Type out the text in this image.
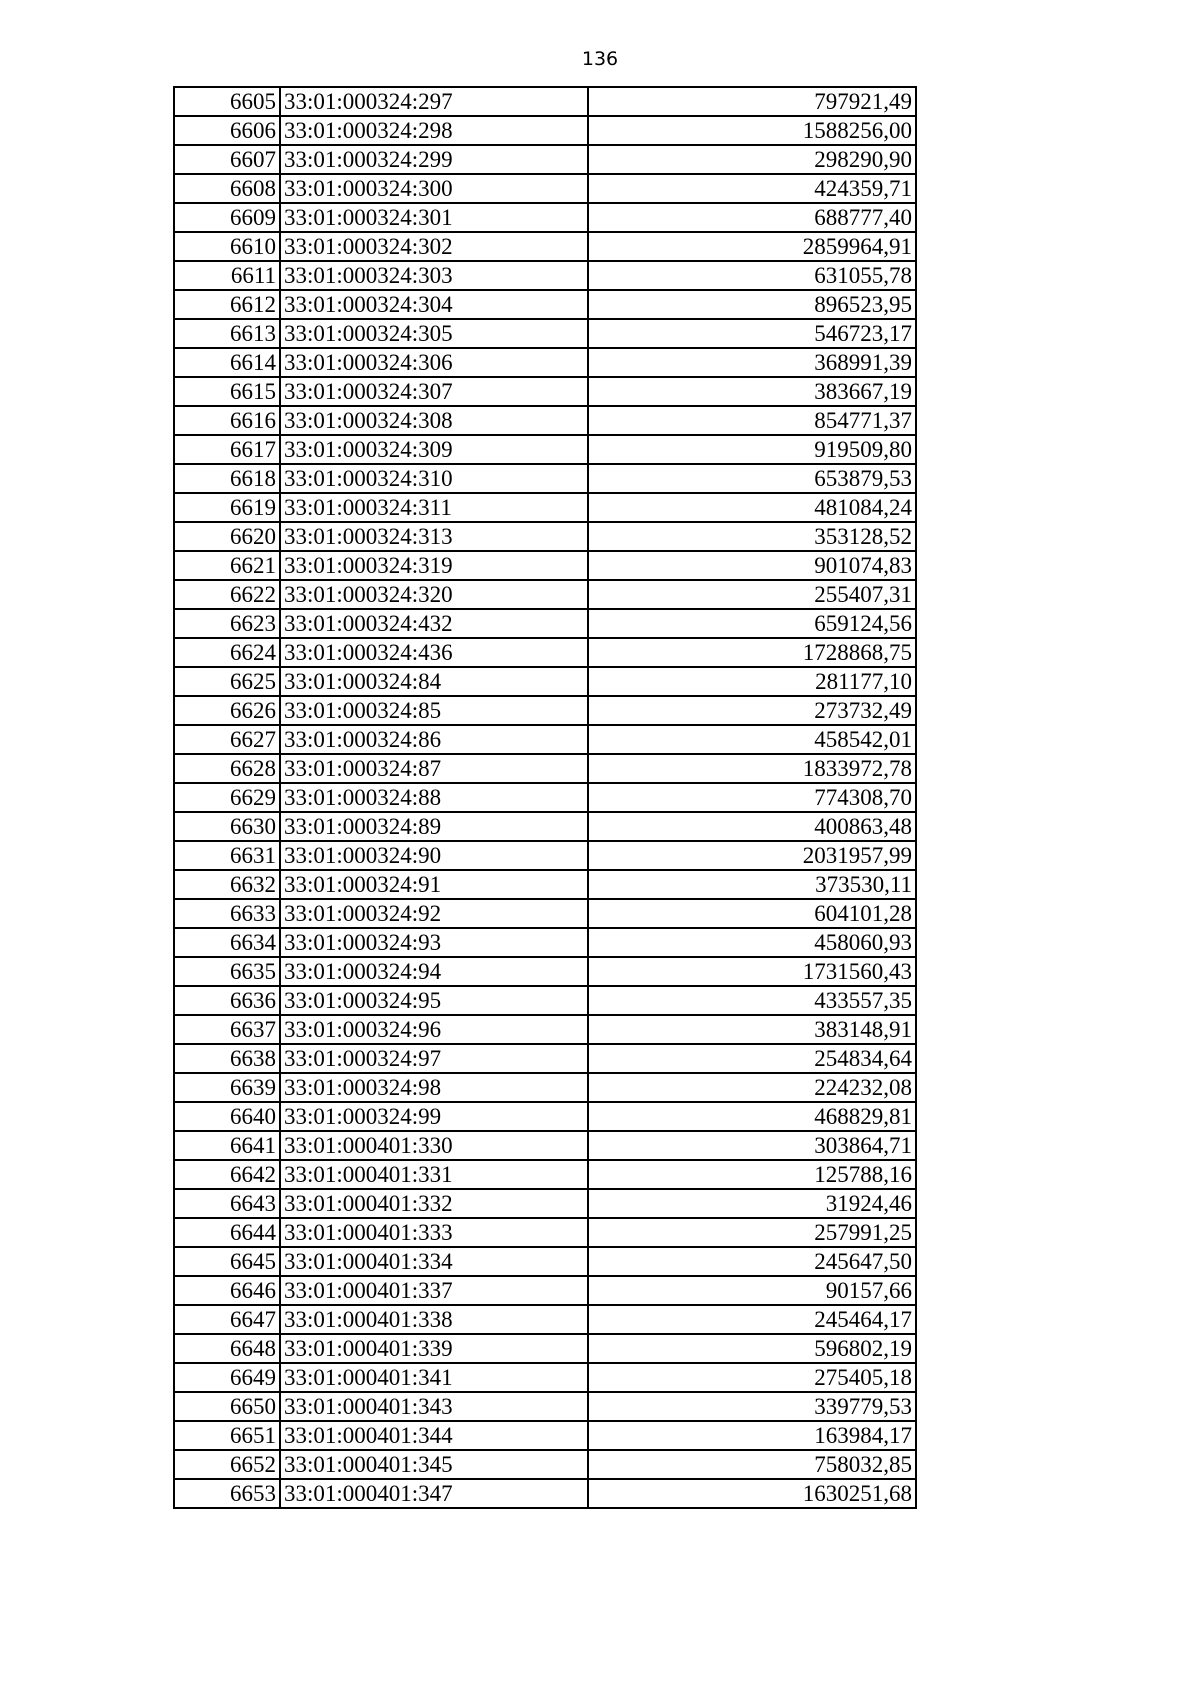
136
6605	33:01:000324:297	797921,49
6606	33:01:000324:298	1588256,00
6607	33:01:000324:299	298290,90
6608	33:01:000324:300	424359,71
6609	33:01:000324:301	688777,40
6610	33:01:000324:302	2859964,91
6611	33:01:000324:303	631055,78
6612	33:01:000324:304	896523,95
6613	33:01:000324:305	546723,17
6614	33:01:000324:306	368991,39
6615	33:01:000324:307	383667,19
6616	33:01:000324:308	854771,37
6617	33:01:000324:309	919509,80
6618	33:01:000324:310	653879,53
6619	33:01:000324:311	481084,24
6620	33:01:000324:313	353128,52
6621	33:01:000324:319	901074,83
6622	33:01:000324:320	255407,31
6623	33:01:000324:432	659124,56
6624	33:01:000324:436	1728868,75
6625	33:01:000324:84	281177,10
6626	33:01:000324:85	273732,49
6627	33:01:000324:86	458542,01
6628	33:01:000324:87	1833972,78
6629	33:01:000324:88	774308,70
6630	33:01:000324:89	400863,48
6631	33:01:000324:90	2031957,99
6632	33:01:000324:91	373530,11
6633	33:01:000324:92	604101,28
6634	33:01:000324:93	458060,93
6635	33:01:000324:94	1731560,43
6636	33:01:000324:95	433557,35
6637	33:01:000324:96	383148,91
6638	33:01:000324:97	254834,64
6639	33:01:000324:98	224232,08
6640	33:01:000324:99	468829,81
6641	33:01:000401:330	303864,71
6642	33:01:000401:331	125788,16
6643	33:01:000401:332	31924,46
6644	33:01:000401:333	257991,25
6645	33:01:000401:334	245647,50
6646	33:01:000401:337	90157,66
6647	33:01:000401:338	245464,17
6648	33:01:000401:339	596802,19
6649	33:01:000401:341	275405,18
6650	33:01:000401:343	339779,53
6651	33:01:000401:344	163984,17
6652	33:01:000401:345	758032,85
6653	33:01:000401:347	1630251,68
